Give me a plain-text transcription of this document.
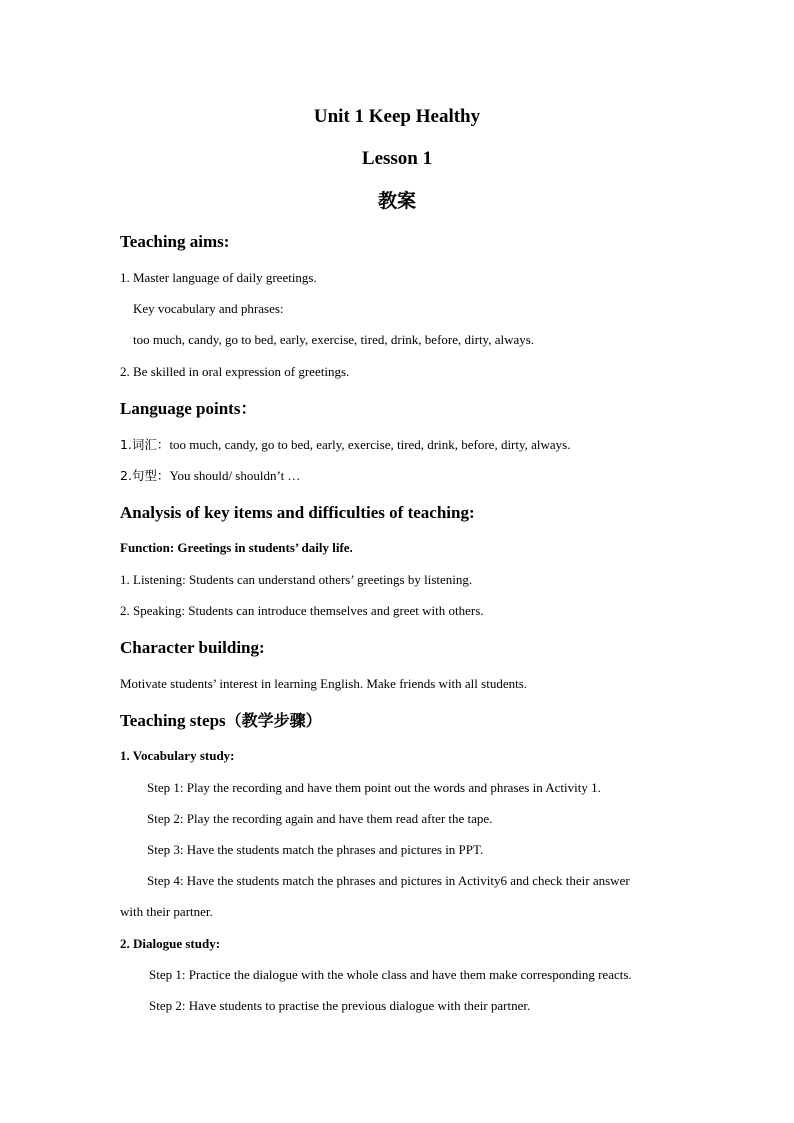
Unit 1 Keep Healthy
Lesson 1
教案
Teaching aims:
1. Master language of daily greetings.
Key vocabulary and phrases:
too much, candy, go to bed, early, exercise, tired, drink, before, dirty, always.
2. Be skilled in oral expression of greetings.
Language points：
1.词汇：too much, candy, go to bed, early, exercise, tired, drink, before, dirty, always.
2.句型：You should/ shouldn’t …
Analysis of key items and difficulties of teaching:
Function: Greetings in students’ daily life.
1. Listening: Students can understand others’ greetings by listening.
2. Speaking: Students can introduce themselves and greet with others.
Character building:
Motivate students’ interest in learning English. Make friends with all students.
Teaching steps（教学步骤）
1. Vocabulary study:
Step 1: Play the recording and have them point out the words and phrases in Activity 1.
Step 2: Play the recording again and have them read after the tape.
Step 3: Have the students match the phrases and pictures in PPT.
Step 4: Have the students match the phrases and pictures in Activity6 and check their answer
with their partner.
2. Dialogue study:
Step 1: Practice the dialogue with the whole class and have them make corresponding reacts.
Step 2: Have students to practise the previous dialogue with their partner.
